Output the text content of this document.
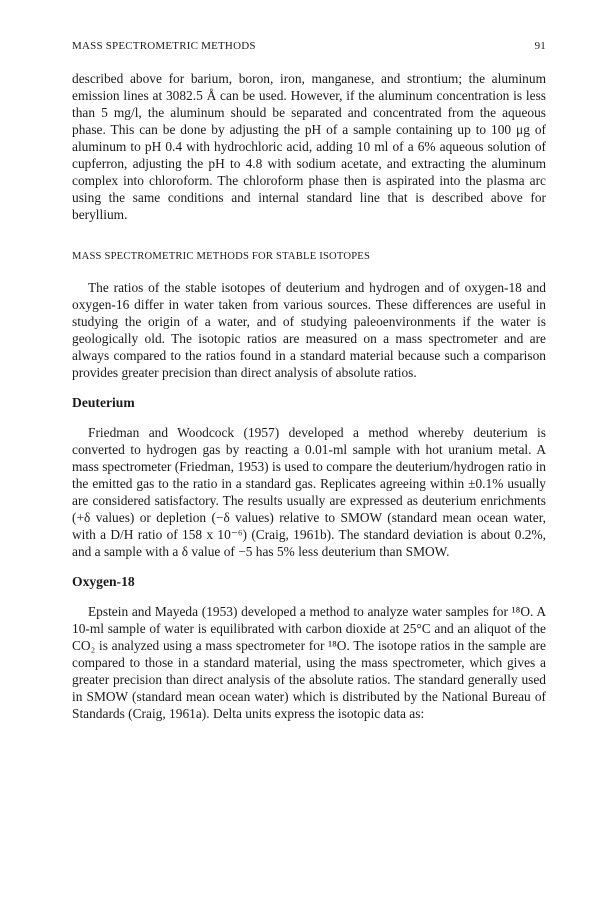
MASS SPECTROMETRIC METHODS	91

described above for barium, boron, iron, manganese, and strontium; the aluminum emission lines at 3082.5 Å can be used. However, if the aluminum concentration is less than 5 mg/l, the aluminum should be separated and concentrated from the aqueous phase. This can be done by adjusting the pH of a sample containing up to 100 μg of aluminum to pH 0.4 with hydrochloric acid, adding 10 ml of a 6% aqueous solution of cupferron, adjusting the pH to 4.8 with sodium acetate, and extracting the aluminum complex into chloroform. The chloroform phase then is aspirated into the plasma arc using the same conditions and internal standard line that is described above for beryllium.

MASS SPECTROMETRIC METHODS FOR STABLE ISOTOPES

The ratios of the stable isotopes of deuterium and hydrogen and of oxygen-18 and oxygen-16 differ in water taken from various sources. These differences are useful in studying the origin of a water, and of studying paleoenvironments if the water is geologically old. The isotopic ratios are measured on a mass spectrometer and are always compared to the ratios found in a standard material because such a comparison provides greater precision than direct analysis of absolute ratios.

Deuterium

Friedman and Woodcock (1957) developed a method whereby deuterium is converted to hydrogen gas by reacting a 0.01-ml sample with hot uranium metal. A mass spectrometer (Friedman, 1953) is used to compare the deuterium/hydrogen ratio in the emitted gas to the ratio in a standard gas. Replicates agreeing within ±0.1% usually are considered satisfactory. The results usually are expressed as deuterium enrichments (+δ values) or depletion (−δ values) relative to SMOW (standard mean ocean water, with a D/H ratio of 158 x 10⁻⁶) (Craig, 1961b). The standard deviation is about 0.2%, and a sample with a δ value of −5 has 5% less deuterium than SMOW.

Oxygen-18

Epstein and Mayeda (1953) developed a method to analyze water samples for ¹⁸O. A 10-ml sample of water is equilibrated with carbon dioxide at 25°C and an aliquot of the CO₂ is analyzed using a mass spectrometer for ¹⁸O. The isotope ratios in the sample are compared to those in a standard material, using the mass spectrometer, which gives a greater precision than direct analysis of the absolute ratios. The standard generally used in SMOW (standard mean ocean water) which is distributed by the National Bureau of Standards (Craig, 1961a). Delta units express the isotopic data as:
